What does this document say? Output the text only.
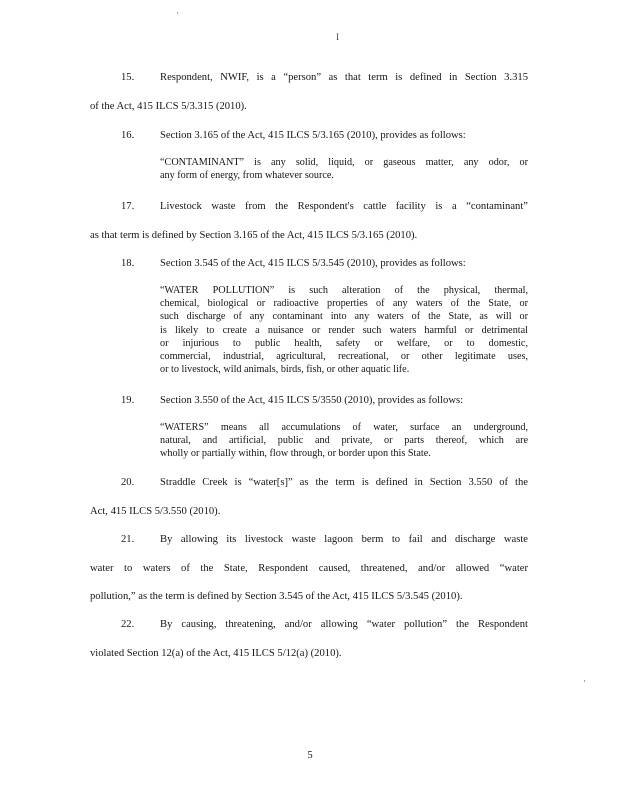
·
I
15. Respondent, NWIF, is a “person” as that term is defined in Section 3.315
of the Act, 415 ILCS 5/3.315 (2010).
16. Section 3.165 of the Act, 415 ILCS 5/3.165 (2010), provides as follows:
“CONTAMINANT” is any solid, liquid, or gaseous matter, any odor, or
any form of energy, from whatever source.
17. Livestock waste from the Respondent's cattle facility is a “contaminant”
as that term is defined by Section 3.165 of the Act, 415 ILCS 5/3.165 (2010).
18. Section 3.545 of the Act, 415 ILCS 5/3.545 (2010), provides as follows:
“WATER POLLUTION” is such alteration of the physical, thermal,
chemical, biological or radioactive properties of any waters of the State, or
such discharge of any contaminant into any waters of the State, as will or
is likely to create a nuisance or render such waters harmful or detrimental
or injurious to public health, safety or welfare, or to domestic,
commercial, industrial, agricultural, recreational, or other legitimate uses,
or to livestock, wild animals, birds, fish, or other aquatic life.
19. Section 3.550 of the Act, 415 ILCS 5/3550 (2010), provides as follows:
“WATERS” means all accumulations of water, surface an underground,
natural, and artificial, public and private, or parts thereof, which are
wholly or partially within, flow through, or border upon this State.
20. Straddle Creek is “water[s]” as the term is defined in Section 3.550 of the
Act, 415 ILCS 5/3.550 (2010).
21. By allowing its livestock waste lagoon berm to fail and discharge waste
water to waters of the State, Respondent caused, threatened, and/or allowed “water
pollution,” as the term is defined by Section 3.545 of the Act, 415 ILCS 5/3.545 (2010).
22. By causing, threatening, and/or allowing “water pollution” the Respondent
violated Section 12(a) of the Act, 415 ILCS 5/12(a) (2010).
·
5
